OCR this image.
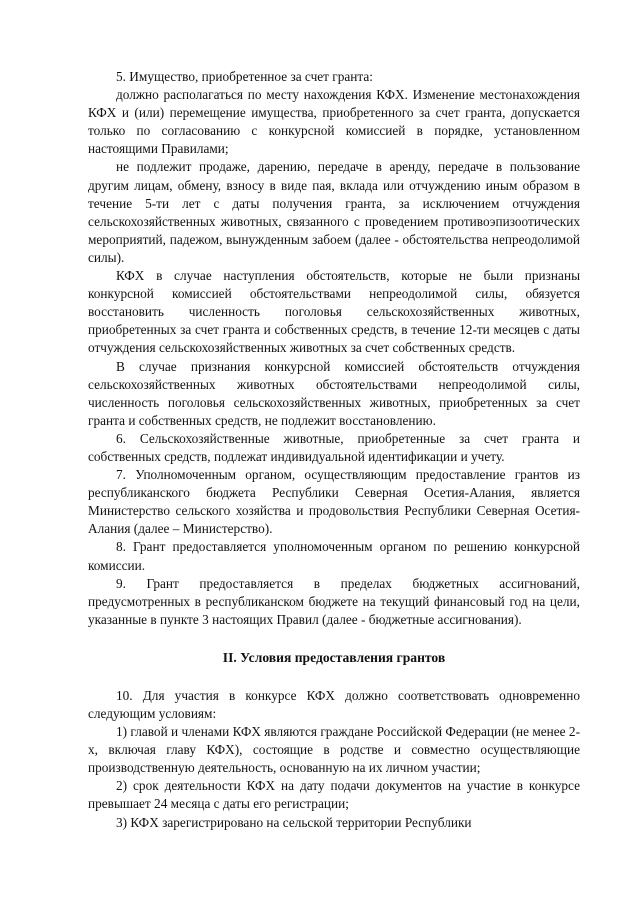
5. Имущество, приобретенное за счет гранта:

должно располагаться по месту нахождения КФХ. Изменение местонахождения КФХ и (или) перемещение имущества, приобретенного за счет гранта, допускается только по согласованию с конкурсной комиссией в порядке, установленном настоящими Правилами;

не подлежит продаже, дарению, передаче в аренду, передаче в пользование другим лицам, обмену, взносу в виде пая, вклада или отчуждению иным образом в течение 5-ти лет с даты получения гранта, за исключением отчуждения сельскохозяйственных животных, связанного с проведением противоэпизоотических мероприятий, падежом, вынужденным забоем (далее - обстоятельства непреодолимой силы).

КФХ в случае наступления обстоятельств, которые не были признаны конкурсной комиссией обстоятельствами непреодолимой силы, обязуется восстановить численность поголовья сельскохозяйственных животных, приобретенных за счет гранта и собственных средств, в течение 12-ти месяцев с даты отчуждения сельскохозяйственных животных за счет собственных средств.

В случае признания конкурсной комиссией обстоятельств отчуждения сельскохозяйственных животных обстоятельствами непреодолимой силы, численность поголовья сельскохозяйственных животных, приобретенных за счет гранта и собственных средств, не подлежит восстановлению.

6. Сельскохозяйственные животные, приобретенные за счет гранта и собственных средств, подлежат индивидуальной идентификации и учету.

7. Уполномоченным органом, осуществляющим предоставление грантов из республиканского бюджета Республики Северная Осетия-Алания, является Министерство сельского хозяйства и продовольствия Республики Северная Осетия-Алания (далее – Министерство).

8. Грант предоставляется уполномоченным органом по решению конкурсной комиссии.

9. Грант предоставляется в пределах бюджетных ассигнований, предусмотренных в республиканском бюджете на текущий финансовый год на цели, указанные в пункте 3 настоящих Правил (далее - бюджетные ассигнования).

II. Условия предоставления грантов

10. Для участия в конкурсе КФХ должно соответствовать одновременно следующим условиям:

1) главой и членами КФХ являются граждане Российской Федерации (не менее 2-х, включая главу КФХ), состоящие в родстве и совместно осуществляющие производственную деятельность, основанную на их личном участии;

2) срок деятельности КФХ на дату подачи документов на участие в конкурсе превышает 24 месяца с даты его регистрации;

3) КФХ зарегистрировано на сельской территории Республики
